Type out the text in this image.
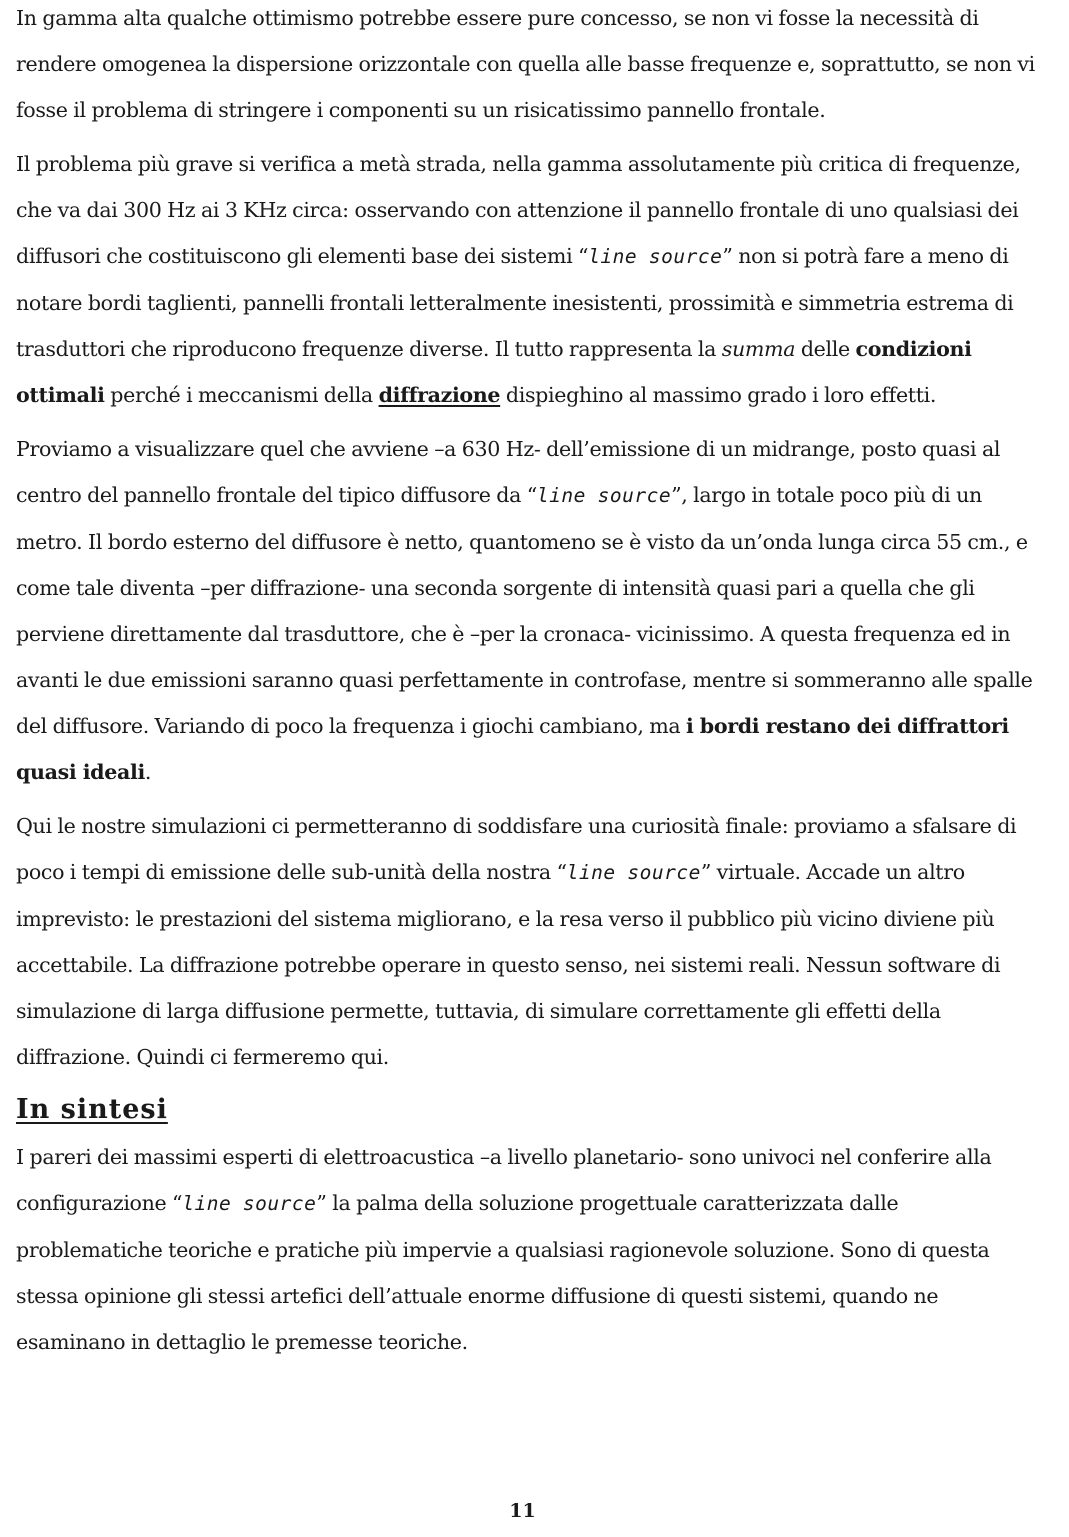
In gamma alta qualche ottimismo potrebbe essere pure concesso, se non vi fosse la necessità di rendere omogenea la dispersione orizzontale con quella alle basse frequenze e, soprattutto, se non vi fosse il problema di stringere i componenti su un risicatissimo pannello frontale.

Il problema più grave si verifica a metà strada, nella gamma assolutamente più critica di frequenze, che va dai 300 Hz ai 3 KHz circa: osservando con attenzione il pannello frontale di uno qualsiasi dei diffusori che costituiscono gli elementi base dei sistemi “line source” non si potrà fare a meno di notare bordi taglienti, pannelli frontali letteralmente inesistenti, prossimità e simmetria estrema di trasduttori che riproducono frequenze diverse. Il tutto rappresenta la summa delle condizioni ottimali perché i meccanismi della diffrazione dispieghino al massimo grado i loro effetti.

Proviamo a visualizzare quel che avviene –a 630 Hz- dell’emissione di un midrange, posto quasi al centro del pannello frontale del tipico diffusore da “line source”, largo in totale poco più di un metro. Il bordo esterno del diffusore è netto, quantomeno se è visto da un’onda lunga circa 55 cm., e come tale diventa –per diffrazione- una seconda sorgente di intensità quasi pari a quella che gli perviene direttamente dal trasduttore, che è –per la cronaca- vicinissimo. A questa frequenza ed in avanti le due emissioni saranno quasi perfettamente in controfase, mentre si sommeranno alle spalle del diffusore. Variando di poco la frequenza i giochi cambiano, ma i bordi restano dei diffrattori quasi ideali.

Qui le nostre simulazioni ci permetteranno di soddisfare una curiosità finale: proviamo a sfalsare di poco i tempi di emissione delle sub-unità della nostra “line source” virtuale. Accade un altro imprevisto: le prestazioni del sistema migliorano, e la resa verso il pubblico più vicino diviene più accettabile. La diffrazione potrebbe operare in questo senso, nei sistemi reali. Nessun software di simulazione di larga diffusione permette, tuttavia, di simulare correttamente gli effetti della diffrazione. Quindi ci fermeremo qui.

In sintesi

I pareri dei massimi esperti di elettroacustica –a livello planetario- sono univoci nel conferire alla configurazione “line source” la palma della soluzione progettuale caratterizzata dalle problematiche teoriche e pratiche più impervie a qualsiasi ragionevole soluzione. Sono di questa stessa opinione gli stessi artefici dell’attuale enorme diffusione di questi sistemi, quando ne esaminano in dettaglio le premesse teoriche.

11
